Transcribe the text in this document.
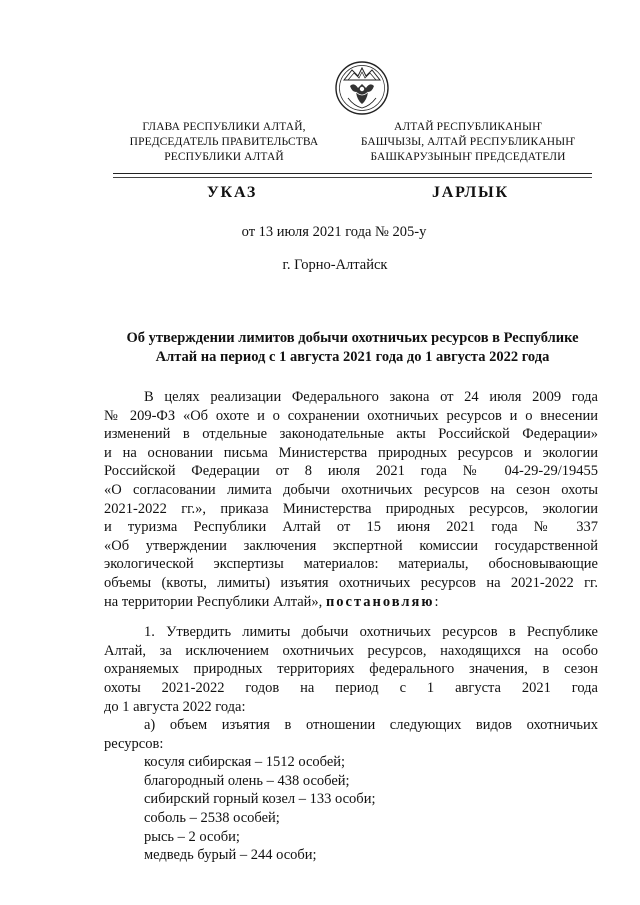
ГЛАВА РЕСПУБЛИКИ АЛТАЙ,
ПРЕДСЕДАТЕЛЬ ПРАВИТЕЛЬСТВА
РЕСПУБЛИКИ АЛТАЙ
АЛТАЙ РЕСПУБЛИКАНЫҤ
БАШЧЫЗЫ, АЛТАЙ РЕСПУБЛИКАНЫҤ
БАШКАРУЗЫНЫҤ ПРЕДСЕДАТЕЛИ
УКАЗ	ЈАРЛЫК
от 13 июля 2021 года № 205-у
г. Горно-Алтайск
Об утверждении лимитов добычи охотничьих ресурсов в Республике
Алтай на период с 1 августа 2021 года до 1 августа 2022 года
В целях реализации Федерального закона от 24 июля 2009 года
№ 209-ФЗ «Об охоте и о сохранении охотничьих ресурсов и о внесении
изменений в отдельные законодательные акты Российской Федерации»
и на основании письма Министерства природных ресурсов и экологии
Российской Федерации от 8 июля 2021 года № 04-29-29/19455
«О согласовании лимита добычи охотничьих ресурсов на сезон охоты
2021-2022 гг.», приказа Министерства природных ресурсов, экологии
и туризма Республики Алтай от 15 июня 2021 года № 337
«Об утверждении заключения экспертной комиссии государственной
экологической экспертизы материалов: материалы, обосновывающие
объемы (квоты, лимиты) изъятия охотничьих ресурсов на 2021-2022 гг.
на территории Республики Алтай», постановляю:
1. Утвердить лимиты добычи охотничьих ресурсов в Республике
Алтай, за исключением охотничьих ресурсов, находящихся на особо
охраняемых природных территориях федерального значения, в сезон
охоты 2021-2022 годов на период с 1 августа 2021 года
до 1 августа 2022 года:
а) объем изъятия в отношении следующих видов охотничьих
ресурсов:
косуля сибирская – 1512 особей;
благородный олень – 438 особей;
сибирский горный козел – 133 особи;
соболь – 2538 особей;
рысь – 2 особи;
медведь бурый – 244 особи;
